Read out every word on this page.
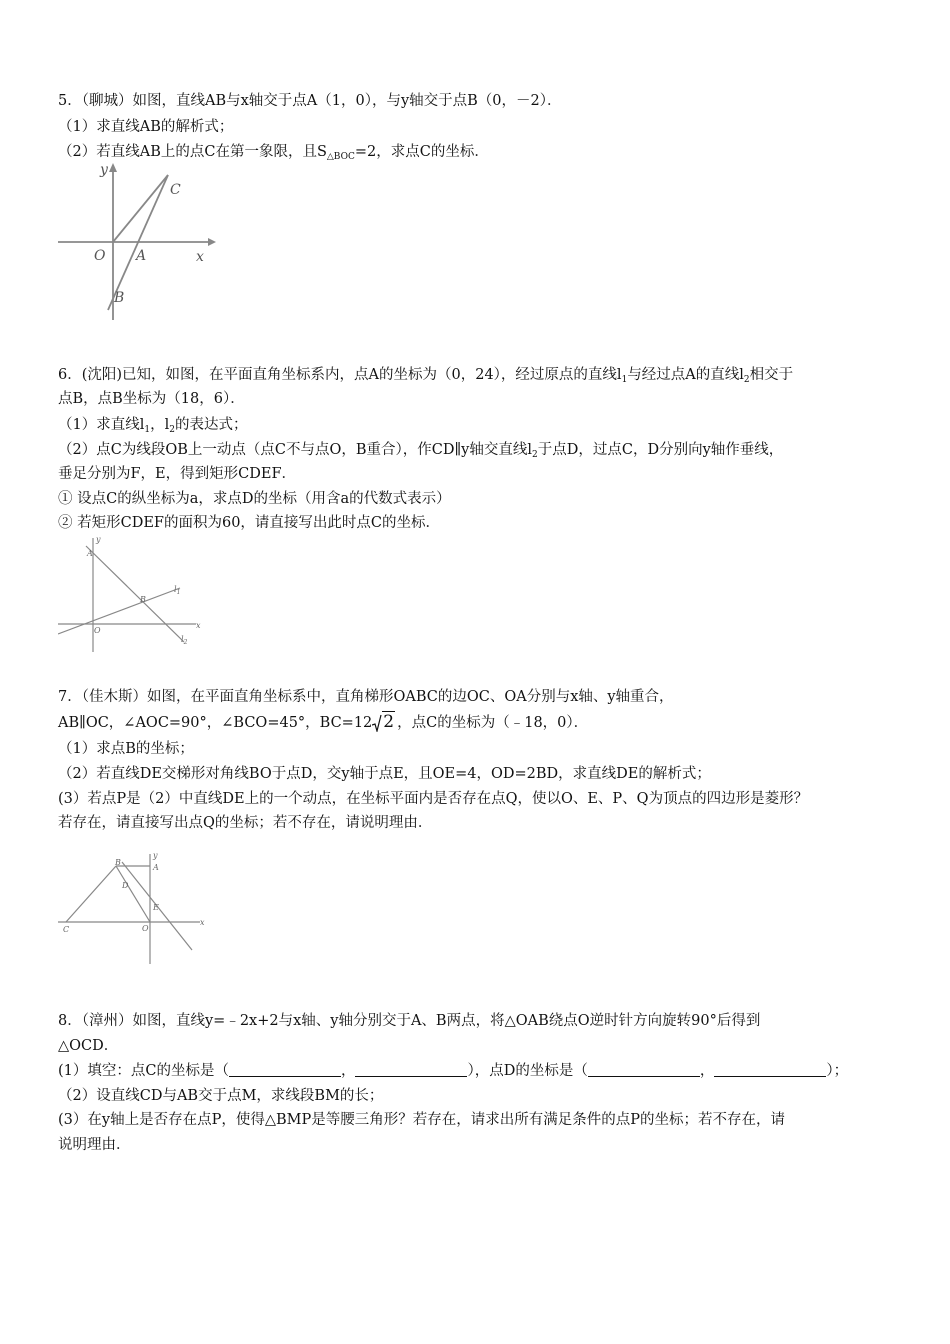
5．（聊城）如图，直线AB与x轴交于点A（1，0），与y轴交于点B（0，－2）．
（1）求直线AB的解析式；
（2）若直线AB上的点C在第一象限，且$S_{\triangle BOC}=2$，求点C的坐标．
y
x
O A
B
C
6．(沈阳)已知，如图，在平面直角坐标系内，点A的坐标为（0，24），经过原点的直线$l_1$与经过点A的直线$l_2$相交于
点B，点B坐标为（18，6）．
（1）求直线$l_1$，$l_2$的表达式；
（2）点C为线段OB上一动点（点C不与点O，B重合），作CD∥y轴交直线$l_2$于点D，过点C，D分别向y轴作垂线，
垂足分别为F，E，得到矩形CDEF．
① 设点C的纵坐标为a，求点D的坐标（用含a的代数式表示）
② 若矩形CDEF的面积为60，请直接写出此时点C的坐标．
y
x
O
A
B
$l_1$
$l_2$
7．（佳木斯）如图，在平面直角坐标系中，直角梯形OABC的边OC、OA分别与x轴、y轴重合，
AB∥OC，∠AOC=90°，∠BCO=45°，BC=12 2 ，点C的坐标为（﹣18，0）．
（1）求点B的坐标；
（2）若直线DE交梯形对角线BO于点D，交y轴于点E，且OE=4，OD=2BD，求直线DE的解析式；
(3）若点P是（2）中直线DE上的一个动点，在坐标平面内是否存在点Q，使以O、E、P、Q为顶点的四边形是菱形？
若存在，请直接写出点Q的坐标；若不存在，请说明理由．
y
x
O
A
B
C
D
E
8．（漳州）如图，直线y=﹣2x+2与x轴、y轴分别交于A、B两点，将△OAB绕点O逆时针方向旋转90°后得到
△OCD．
(1）填空：点C的坐标是（	，	），点D的坐标是（	，	）；
（2）设直线CD与AB交于点M，求线段BM的长；
(3）在y轴上是否存在点P，使得△BMP是等腰三角形？若存在，请求出所有满足条件的点P的坐标；若不存在，请
说明理由．
